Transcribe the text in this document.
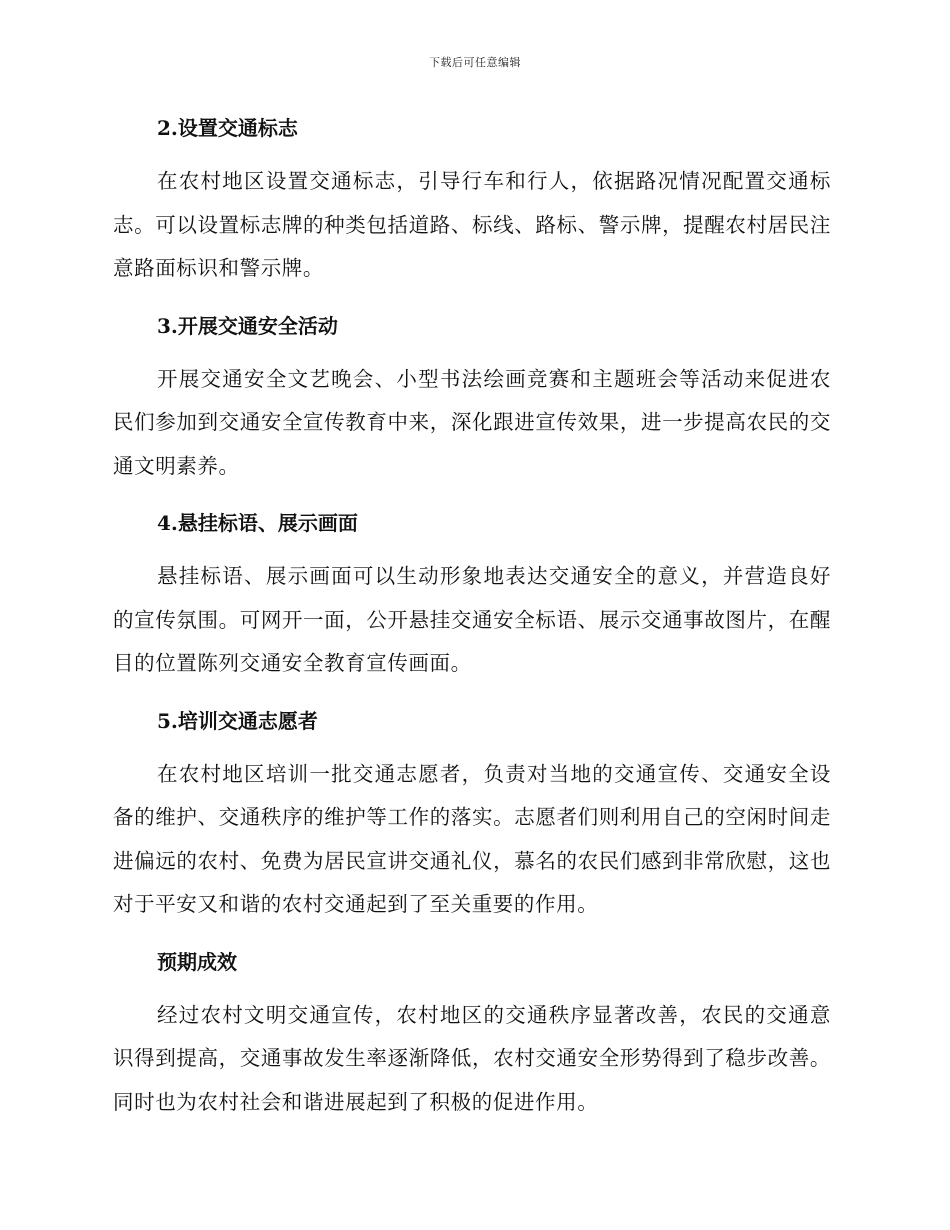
下载后可任意编辑
2.设置交通标志

在农村地区设置交通标志，引导行车和行人，依据路况情况配置交通标志。可以设置标志牌的种类包括道路、标线、路标、警示牌，提醒农村居民注意路面标识和警示牌。

3.开展交通安全活动

开展交通安全文艺晚会、小型书法绘画竞赛和主题班会等活动来促进农民们参加到交通安全宣传教育中来，深化跟进宣传效果，进一步提高农民的交通文明素养。

4.悬挂标语、展示画面

悬挂标语、展示画面可以生动形象地表达交通安全的意义，并营造良好的宣传氛围。可网开一面，公开悬挂交通安全标语、展示交通事故图片，在醒目的位置陈列交通安全教育宣传画面。

5.培训交通志愿者

在农村地区培训一批交通志愿者，负责对当地的交通宣传、交通安全设备的维护、交通秩序的维护等工作的落实。志愿者们则利用自己的空闲时间走进偏远的农村、免费为居民宣讲交通礼仪，慕名的农民们感到非常欣慰，这也对于平安又和谐的农村交通起到了至关重要的作用。

预期成效

经过农村文明交通宣传，农村地区的交通秩序显著改善，农民的交通意识得到提高，交通事故发生率逐渐降低，农村交通安全形势得到了稳步改善。同时也为农村社会和谐进展起到了积极的促进作用。
